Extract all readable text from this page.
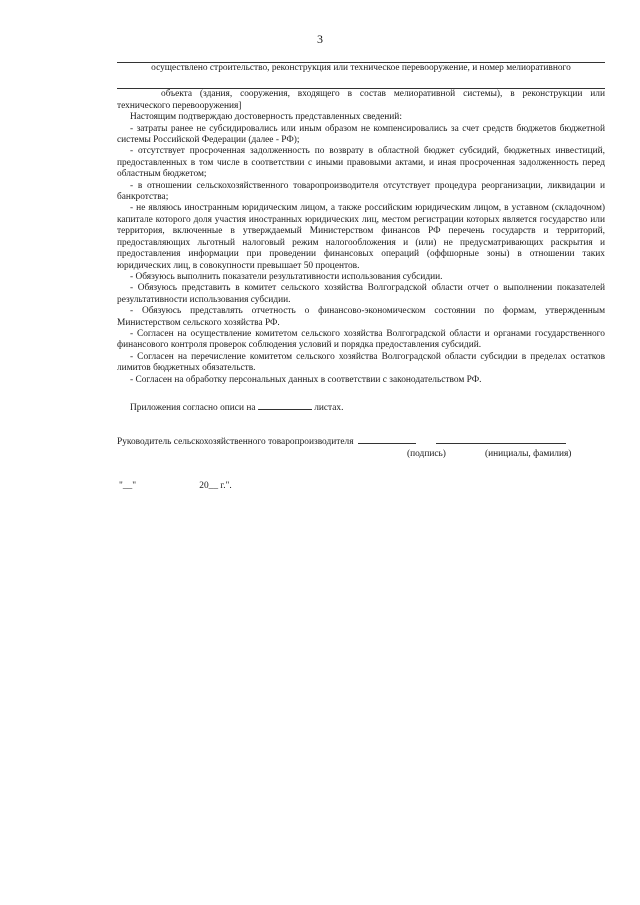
3

осуществлено строительство, реконструкция или техническое перевооружение, и номер мелиоративного

объекта (здания, сооружения, входящего в состав мелиоративной системы), в реконструкции или технического перевооружения]

Настоящим подтверждаю достоверность представленных сведений:

- затраты ранее не субсидировались или иным образом не компенсировались за счет средств бюджетов бюджетной системы Российской Федерации (далее - РФ);

- отсутствует просроченная задолженность по возврату в областной бюджет субсидий, бюджетных инвестиций, предоставленных в том числе в соответствии с иными правовыми актами, и иная просроченная задолженность перед областным бюджетом;

- в отношении сельскохозяйственного товаропроизводителя отсутствует процедура реорганизации, ликвидации и банкротства;

- не являюсь иностранным юридическим лицом, а также российским юридическим лицом, в уставном (складочном) капитале которого доля участия иностранных юридических лиц, местом регистрации которых является государство или территория, включенные в утверждаемый Министерством финансов РФ перечень государств и территорий, предоставляющих льготный налоговый режим налогообложения и (или) не предусматривающих раскрытия и предоставления информации при проведении финансовых операций (оффшорные зоны) в отношении таких юридических лиц, в совокупности превышает 50 процентов.

- Обязуюсь выполнить показатели результативности использования субсидии.

- Обязуюсь представить в комитет сельского хозяйства Волгоградской области отчет о выполнении показателей результативности использования субсидии.

- Обязуюсь представлять отчетность о финансово-экономическом состоянии по формам, утвержденным Министерством сельского хозяйства РФ.

- Согласен на осуществление комитетом сельского хозяйства Волгоградской области и органами государственного финансового контроля проверок соблюдения условий и порядка предоставления субсидий.

- Согласен на перечисление комитетом сельского хозяйства Волгоградской области субсидии в пределах остатков лимитов бюджетных обязательств.

- Согласен на обработку персональных данных в соответствии с законодательством РФ.

Приложения согласно описи на	листах.

Руководитель сельскохозяйственного товаропроизводителя

(подпись)	(инициалы, фамилия)

"__"                           20__ г.".
